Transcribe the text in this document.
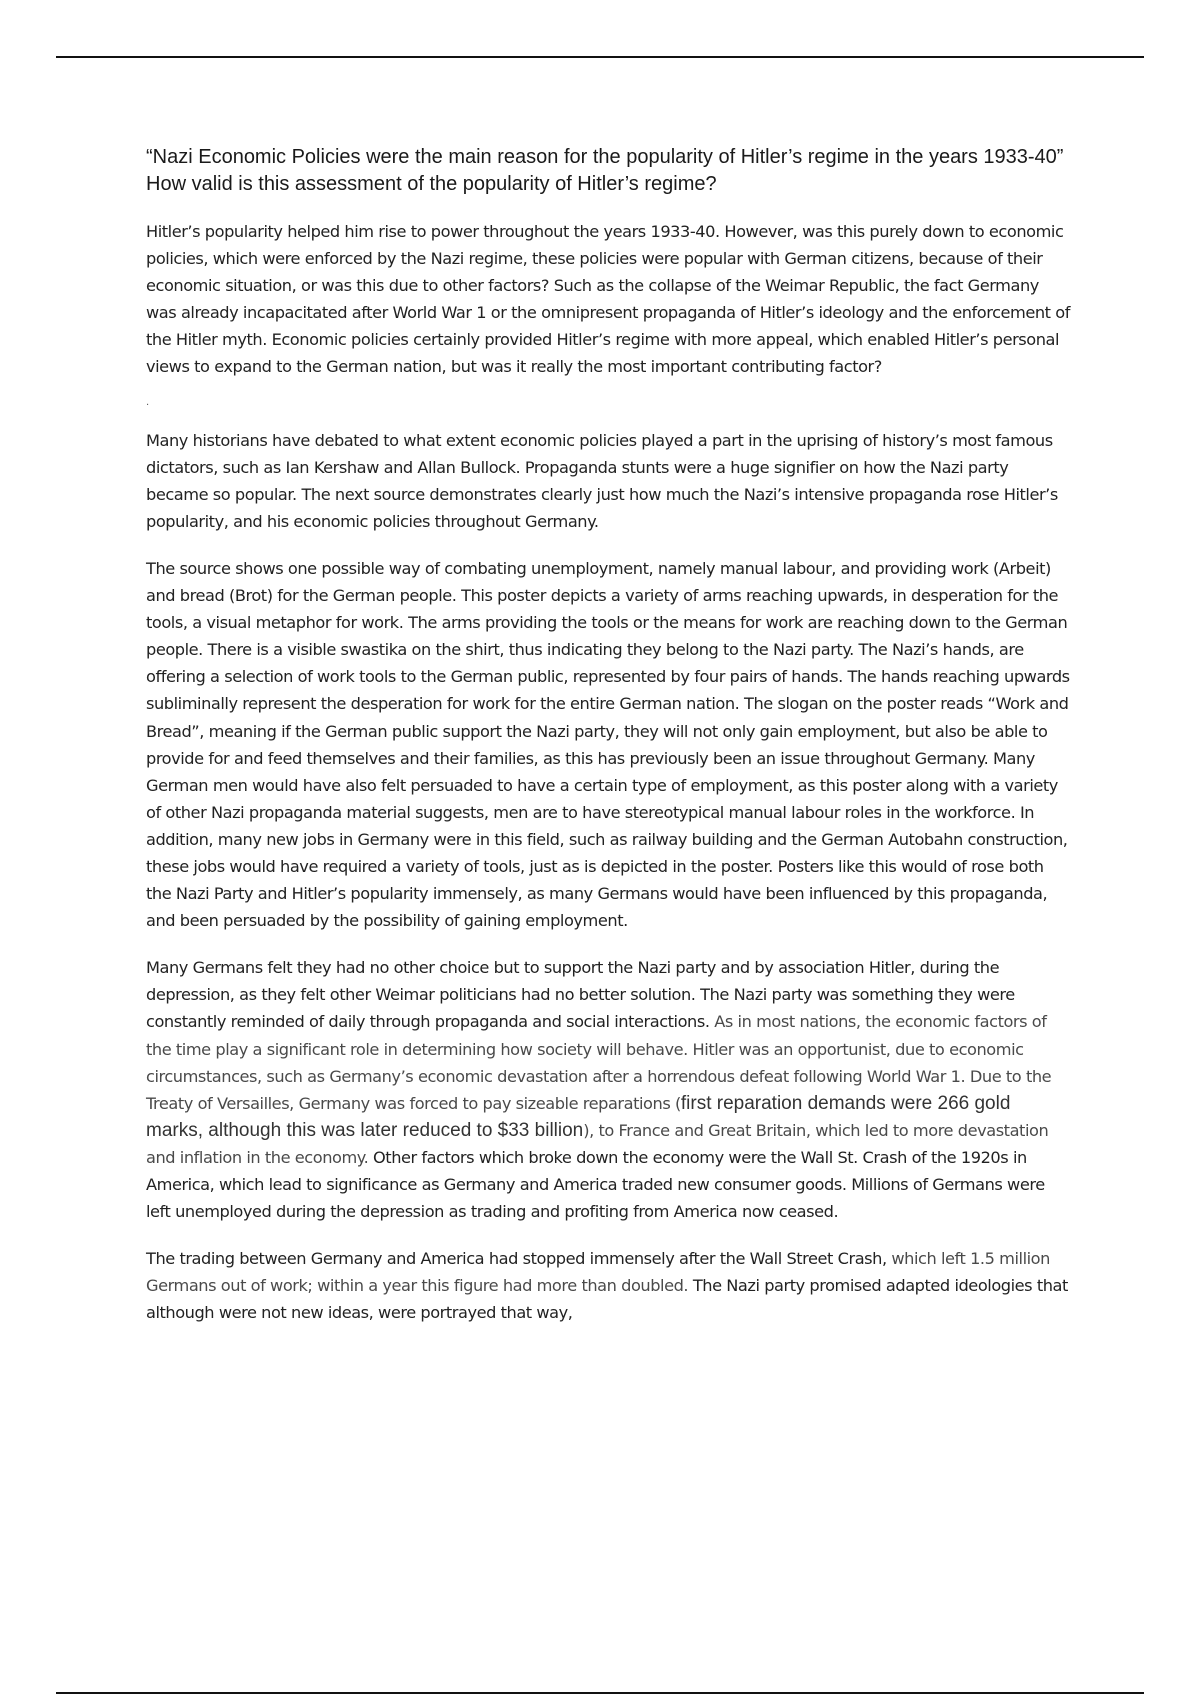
“Nazi Economic Policies were the main reason for the popularity of Hitler’s regime in the years 1933-40” How valid is this assessment of the popularity of Hitler’s regime?

Hitler’s popularity helped him rise to power throughout the years 1933-40. However, was this purely down to economic policies, which were enforced by the Nazi regime, these policies were popular with German citizens, because of their economic situation, or was this due to other factors? Such as the collapse of the Weimar Republic, the fact Germany was already incapacitated after World War 1 or the omnipresent propaganda of Hitler’s ideology and the enforcement of the Hitler myth. Economic policies certainly provided Hitler’s regime with more appeal, which enabled Hitler’s personal views to expand to the German nation, but was it really the most important contributing factor?

·

Many historians have debated to what extent economic policies played a part in the uprising of history’s most famous dictators, such as Ian Kershaw and Allan Bullock. Propaganda stunts were a huge signifier on how the Nazi party became so popular. The next source demonstrates clearly just how much the Nazi’s intensive propaganda rose Hitler’s popularity, and his economic policies throughout Germany.

The source shows one possible way of combating unemployment, namely manual labour, and providing work (Arbeit) and bread (Brot) for the German people. This poster depicts a variety of arms reaching upwards, in desperation for the tools, a visual metaphor for work. The arms providing the tools or the means for work are reaching down to the German people. There is a visible swastika on the shirt, thus indicating they belong to the Nazi party. The Nazi’s hands, are offering a selection of work tools to the German public, represented by four pairs of hands. The hands reaching upwards subliminally represent the desperation for work for the entire German nation. The slogan on the poster reads “Work and Bread”, meaning if the German public support the Nazi party, they will not only gain employment, but also be able to provide for and feed themselves and their families, as this has previously been an issue throughout Germany. Many German men would have also felt persuaded to have a certain type of employment, as this poster along with a variety of other Nazi propaganda material suggests, men are to have stereotypical manual labour roles in the workforce. In addition, many new jobs in Germany were in this field, such as railway building and the German Autobahn construction, these jobs would have required a variety of tools, just as is depicted in the poster. Posters like this would of rose both the Nazi Party and Hitler’s popularity immensely, as many Germans would have been influenced by this propaganda, and been persuaded by the possibility of gaining employment.

Many Germans felt they had no other choice but to support the Nazi party and by association Hitler, during the depression, as they felt other Weimar politicians had no better solution. The Nazi party was something they were constantly reminded of daily through propaganda and social interactions. As in most nations, the economic factors of the time play a significant role in determining how society will behave. Hitler was an opportunist, due to economic circumstances, such as Germany’s economic devastation after a horrendous defeat following World War 1. Due to the Treaty of Versailles, Germany was forced to pay sizeable reparations (first reparation demands were 266 gold marks, although this was later reduced to $33 billion), to France and Great Britain, which led to more devastation and inflation in the economy. Other factors which broke down the economy were the Wall St. Crash of the 1920s in America, which lead to significance as Germany and America traded new consumer goods. Millions of Germans were left unemployed during the depression as trading and profiting from America now ceased.

The trading between Germany and America had stopped immensely after the Wall Street Crash, which left 1.5 million Germans out of work; within a year this figure had more than doubled. The Nazi party promised adapted ideologies that although were not new ideas, were portrayed that way,
